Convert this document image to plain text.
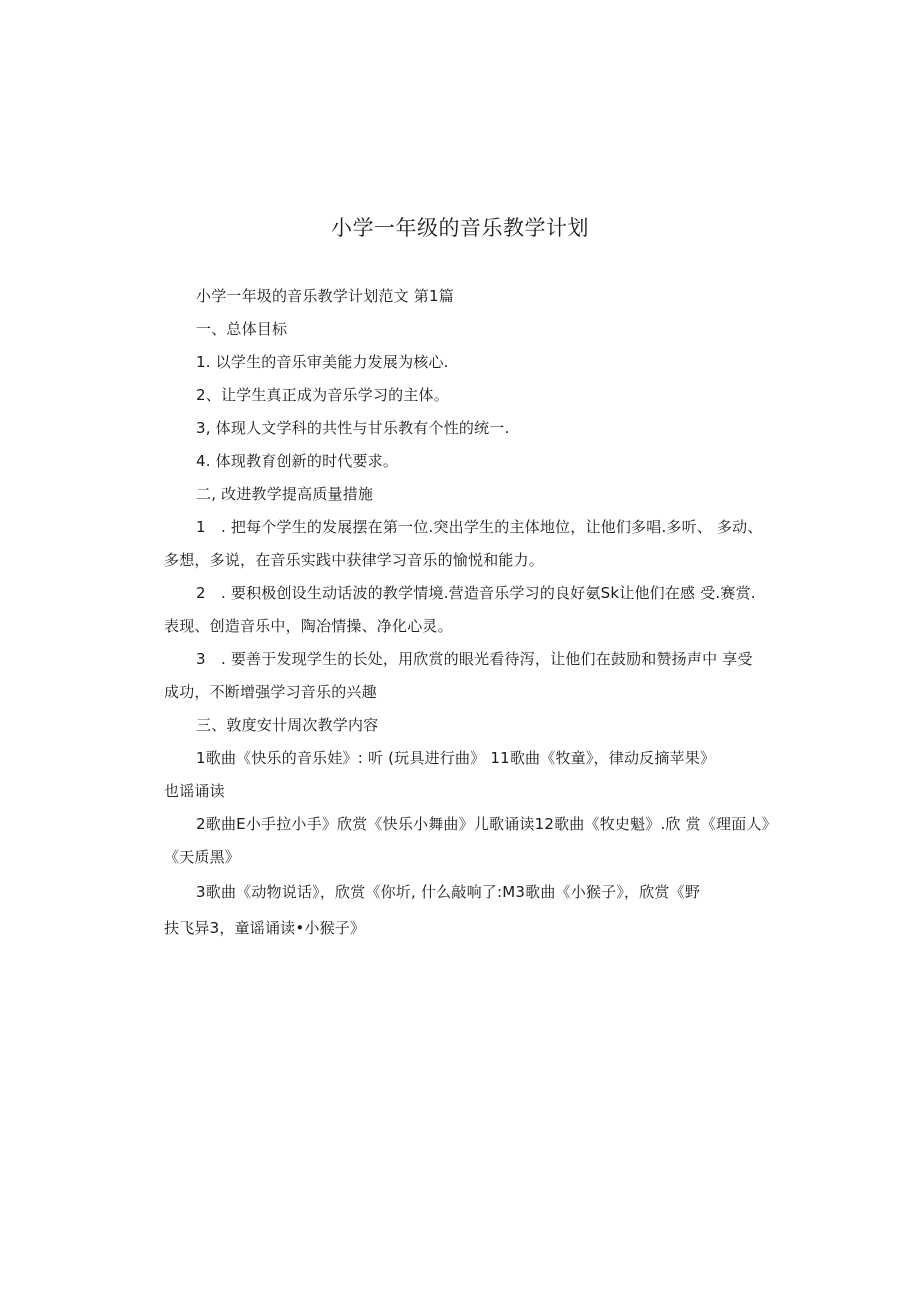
小学一年级的音乐教学计划
小学一年圾的音乐教学计划范文 第1篇
一、总体目标
1. 以学生的音乐审美能力发展为核心.
2、让学生真正成为音乐学习的主体。
3, 体现人文学科的共性与甘乐教有个性的统一.
4. 体现教育创新的时代要求。
二, 改进教学提高质量措施
1　. 把每个学生的发展摆在第一位.突出学生的主体地位，让他们多唱.多听、 多动、
多想，多说，在音乐实践中获律学习音乐的愉悦和能力。
2　. 要积极创设生动话波的教学情境.营造音乐学习的良好氨Sk让他们在感 受.赛赏.
表现、创造音乐中，陶冶情操、净化心灵。
3　. 要善于发现学生的长处，用欣赏的眼光看待泻，让他们在鼓励和赞扬声中 享受
成功，不断增强学习音乐的兴趣
三、敦度安卄周次教学内容
1歌曲《快乐的音乐娃》: 听 (玩具进行曲》 11歌曲《牧童》，律动反摘苹果》
也谣诵读
2歌曲E小手拉小手》欣赏《快乐小舞曲》儿歌诵读12歌曲《牧史魁》.欣 赏《理面人》
《天质黑》
3歌曲《动物说话》，欣赏《你圻, 什么敲响了:M3歌曲《小猴子》，欣赏《野
扶飞异3，童谣诵读•小猴子》
